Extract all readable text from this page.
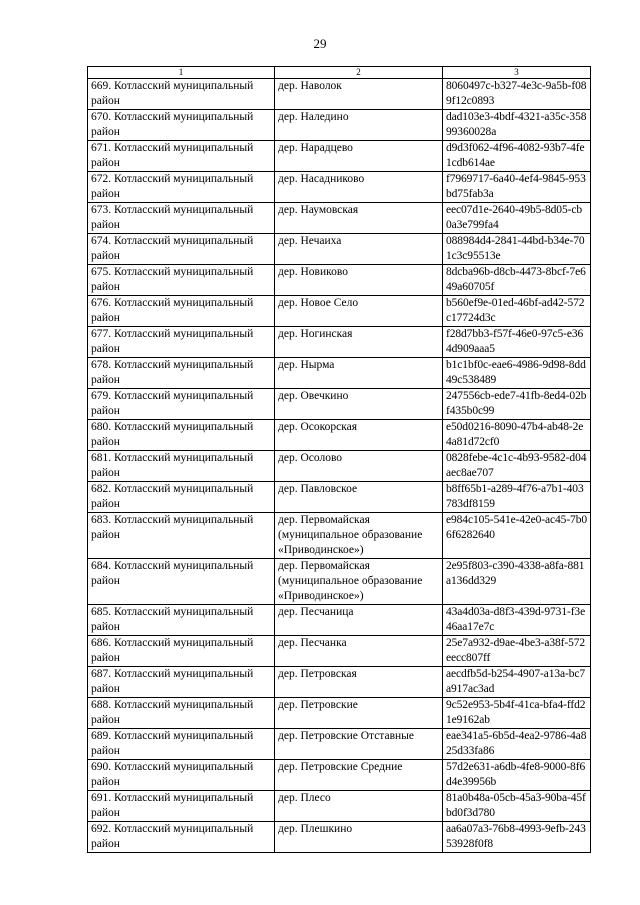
29
1	2	3
669. Котласский муниципальный район	дер. Наволок	8060497c-b327-4e3c-9a5b-f089f12c0893
670. Котласский муниципальный район	дер. Наледино	dad103e3-4bdf-4321-a35c-35899360028a
671. Котласский муниципальный район	дер. Нарадцево	d9d3f062-4f96-4082-93b7-4fe1cdb614ae
672. Котласский муниципальный район	дер. Насадниково	f7969717-6a40-4ef4-9845-953bd75fab3a
673. Котласский муниципальный район	дер. Наумовская	eec07d1e-2640-49b5-8d05-cb0a3e799fa4
674. Котласский муниципальный район	дер. Нечаиха	088984d4-2841-44bd-b34e-701c3c95513e
675. Котласский муниципальный район	дер. Новиково	8dcba96b-d8cb-4473-8bcf-7e649a60705f
676. Котласский муниципальный район	дер. Новое Село	b560ef9e-01ed-46bf-ad42-572c17724d3c
677. Котласский муниципальный район	дер. Ногинская	f28d7bb3-f57f-46e0-97c5-e364d909aaa5
678. Котласский муниципальный район	дер. Нырма	b1c1bf0c-eae6-4986-9d98-8dd49c538489
679. Котласский муниципальный район	дер. Овечкино	247556cb-ede7-41fb-8ed4-02bf435b0c99
680. Котласский муниципальный район	дер. Осокорская	e50d0216-8090-47b4-ab48-2e4a81d72cf0
681. Котласский муниципальный район	дер. Осолово	0828febe-4c1c-4b93-9582-d04aec8ae707
682. Котласский муниципальный район	дер. Павловское	b8ff65b1-a289-4f76-a7b1-403783df8159
683. Котласский муниципальный район	дер. Первомайская (муниципальное образование «Приводинское»)	e984c105-541e-42e0-ac45-7b06f6282640
684. Котласский муниципальный район	дер. Первомайская (муниципальное образование «Приводинское»)	2e95f803-c390-4338-a8fa-881a136dd329
685. Котласский муниципальный район	дер. Песчаница	43a4d03a-d8f3-439d-9731-f3e46aa17e7c
686. Котласский муниципальный район	дер. Песчанка	25e7a932-d9ae-4be3-a38f-572eecc807ff
687. Котласский муниципальный район	дер. Петровская	aecdfb5d-b254-4907-a13a-bc7a917ac3ad
688. Котласский муниципальный район	дер. Петровские	9c52e953-5b4f-41ca-bfa4-ffd21e9162ab
689. Котласский муниципальный район	дер. Петровские Отставные	eae341a5-6b5d-4ea2-9786-4a825d33fa86
690. Котласский муниципальный район	дер. Петровские Средние	57d2e631-a6db-4fe8-9000-8f6d4e39956b
691. Котласский муниципальный район	дер. Плесо	81a0b48a-05cb-45a3-90ba-45fbd0f3d780
692. Котласский муниципальный район	дер. Плешкино	aa6a07a3-76b8-4993-9efb-24353928f0f8
